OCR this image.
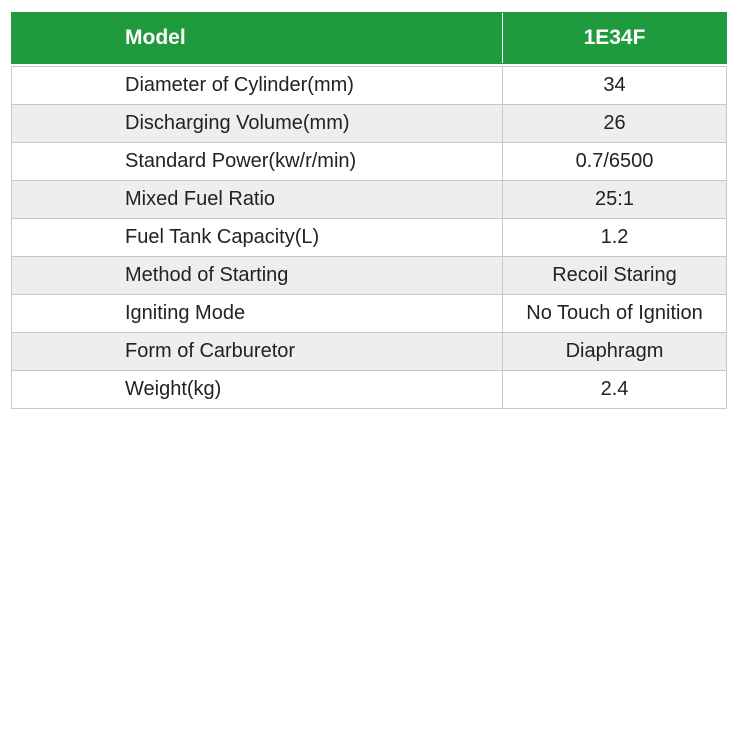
Model	1E34F
Diameter of Cylinder(mm)	34
Discharging Volume(mm)	26
Standard Power(kw/r/min)	0.7/6500
Mixed Fuel Ratio	25:1
Fuel Tank Capacity(L)	1.2
Method of Starting	Recoil Staring
Igniting Mode	No Touch of Ignition
Form of Carburetor	Diaphragm
Weight(kg)	2.4
